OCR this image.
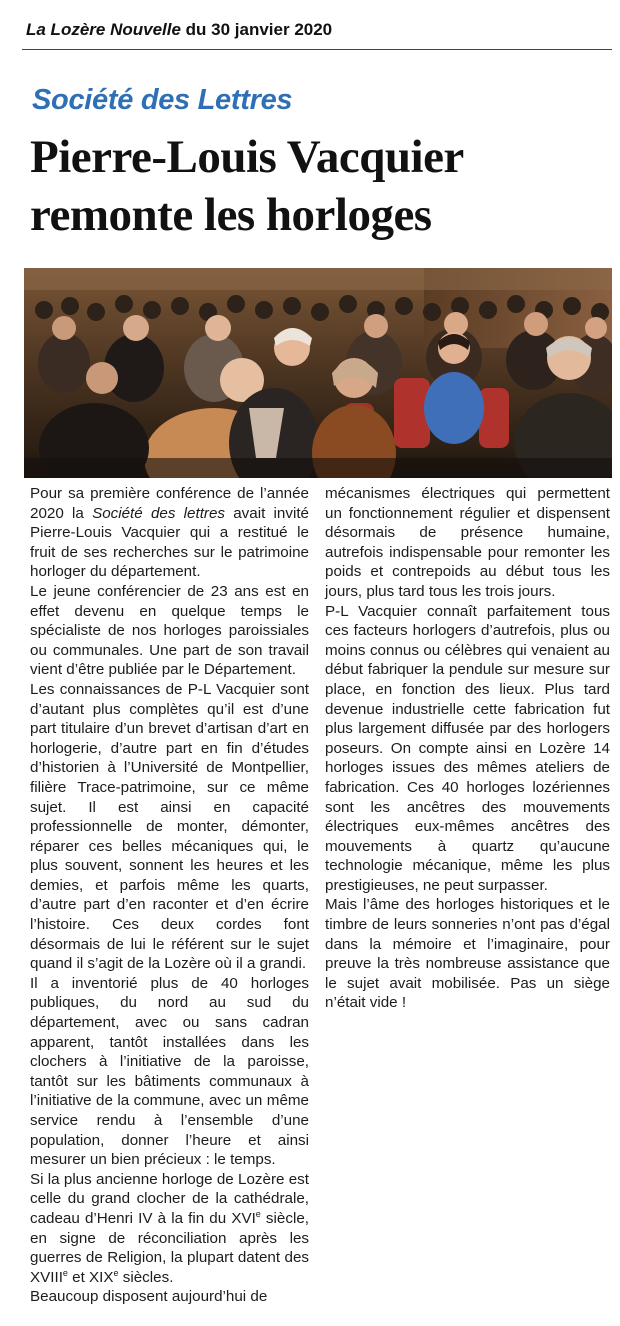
La Lozère Nouvelle du 30 janvier 2020
Société des Lettres
Pierre-Louis Vacquier
remonte les horloges

Pour sa première conférence de l’année 2020 la Société des lettres avait invité Pierre-Louis Vacquier qui a restitué le fruit de ses recherches sur le patrimoine horloger du département.

Le jeune conférencier de 23 ans est en effet devenu en quelque temps le spécialiste de nos horloges paroissiales ou communales. Une part de son travail vient d’être publiée par le Département.

Les connaissances de P-L Vacquier sont d’autant plus complètes qu’il est d’une part titulaire d’un brevet d’artisan d’art en horlogerie, d’autre part en fin d’études d’historien à l’Université de Montpellier, filière Trace-patrimoine, sur ce même sujet. Il est ainsi en capacité professionnelle de monter, démonter, réparer ces belles mécaniques qui, le plus souvent, sonnent les heures et les demies, et parfois même les quarts, d’autre part d’en raconter et d’en écrire l’histoire. Ces deux cordes font désormais de lui le référent sur le sujet quand il s’agit de la Lozère où il a grandi.

Il a inventorié plus de 40 horloges publiques, du nord au sud du département, avec ou sans cadran apparent, tantôt installées dans les clochers à l’initiative de la paroisse, tantôt sur les bâtiments communaux à l’initiative de la commune, avec un même service rendu à l’ensemble d’une population, donner l’heure et ainsi mesurer un bien précieux : le temps.

Si la plus ancienne horloge de Lozère est celle du grand clocher de la cathédrale, cadeau d’Henri IV à la fin du XVIe siècle, en signe de réconciliation après les guerres de Religion, la plupart datent des XVIIIe et XIXe siècles.

Beaucoup disposent aujourd’hui de

mécanismes électriques qui permettent un fonctionnement régulier et dispensent désormais de présence humaine, autrefois indispensable pour remonter les poids et contrepoids au début tous les jours, plus tard tous les trois jours.

P-L Vacquier connaît parfaitement tous ces facteurs horlogers d’autrefois, plus ou moins connus ou célèbres qui venaient au début fabriquer la pendule sur mesure sur place, en fonction des lieux. Plus tard devenue industrielle cette fabrication fut plus largement diffusée par des horlogers poseurs. On compte ainsi en Lozère 14 horloges issues des mêmes ateliers de fabrication. Ces 40 horloges lozériennes sont les ancêtres des mouvements électriques eux-mêmes ancêtres des mouvements à quartz qu’aucune technologie mécanique, même les plus prestigieuses, ne peut surpasser.

Mais l’âme des horloges historiques et le timbre de leurs sonneries n’ont pas d’égal dans la mémoire et l’imaginaire, pour preuve la très nombreuse assistance que le sujet avait mobilisée. Pas un siège n’était vide !
